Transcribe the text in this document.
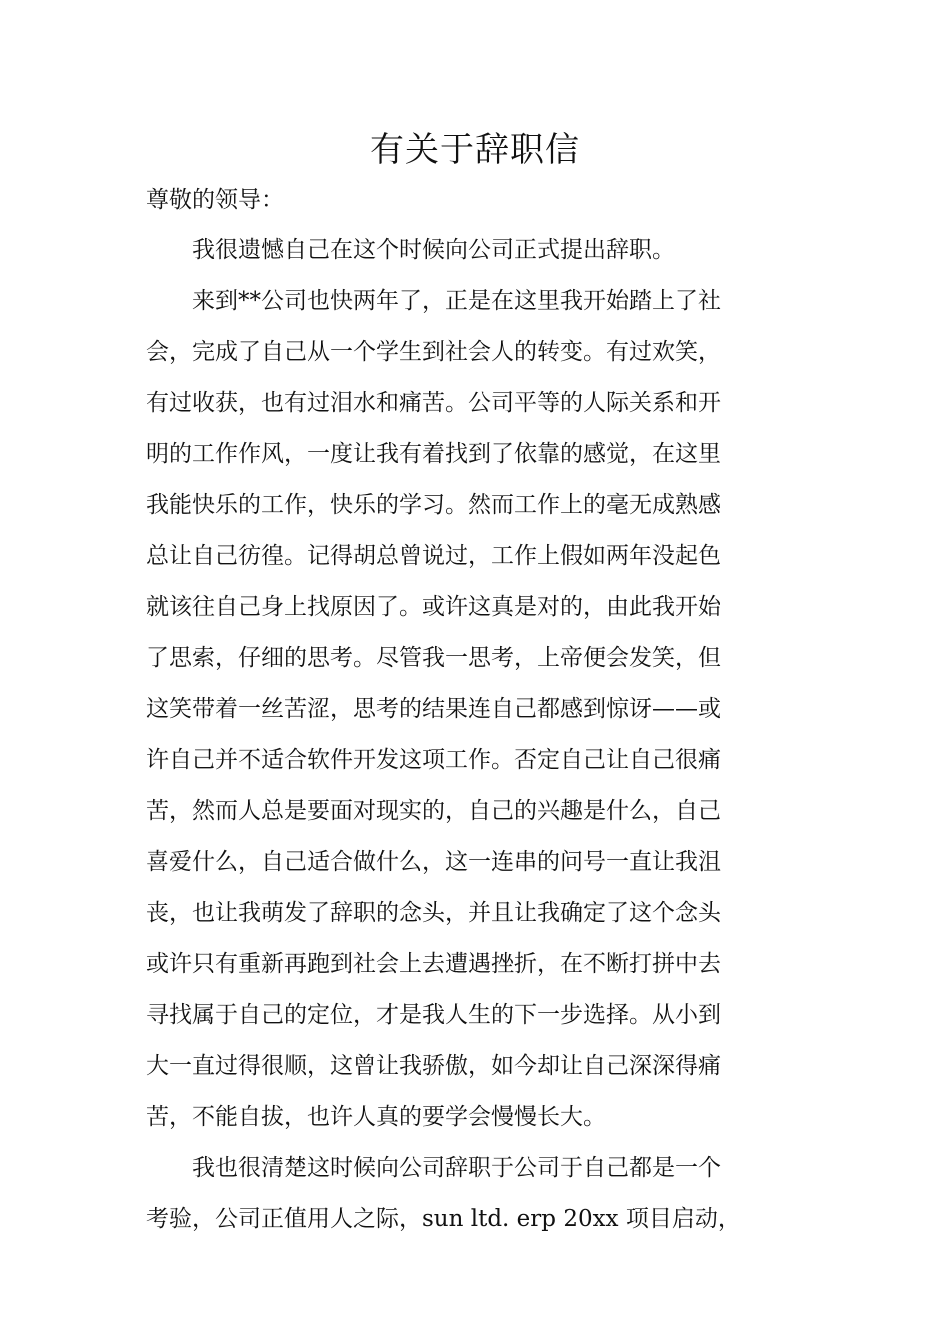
有关于辞职信
尊敬的领导：

我很遗憾自己在这个时候向公司正式提出辞职。

来到**公司也快两年了，正是在这里我开始踏上了社
会，完成了自己从一个学生到社会人的转变。有过欢笑，
有过收获，也有过泪水和痛苦。公司平等的人际关系和开
明的工作作风，一度让我有着找到了依靠的感觉，在这里
我能快乐的工作，快乐的学习。然而工作上的毫无成熟感
总让自己彷徨。记得胡总曾说过，工作上假如两年没起色
就该往自己身上找原因了。或许这真是对的，由此我开始
了思索，仔细的思考。尽管我一思考，上帝便会发笑，但
这笑带着一丝苦涩，思考的结果连自己都感到惊讶——或
许自己并不适合软件开发这项工作。否定自己让自己很痛
苦，然而人总是要面对现实的，自己的兴趣是什么，自己
喜爱什么，自己适合做什么，这一连串的问号一直让我沮
丧，也让我萌发了辞职的念头，并且让我确定了这个念头
或许只有重新再跑到社会上去遭遇挫折，在不断打拼中去
寻找属于自己的定位，才是我人生的下一步选择。从小到
大一直过得很顺，这曾让我骄傲，如今却让自己深深得痛
苦，不能自拔，也许人真的要学会慢慢长大。

我也很清楚这时候向公司辞职于公司于自己都是一个
考验，公司正值用人之际，sun ltd. erp 20xx 项目启动，
